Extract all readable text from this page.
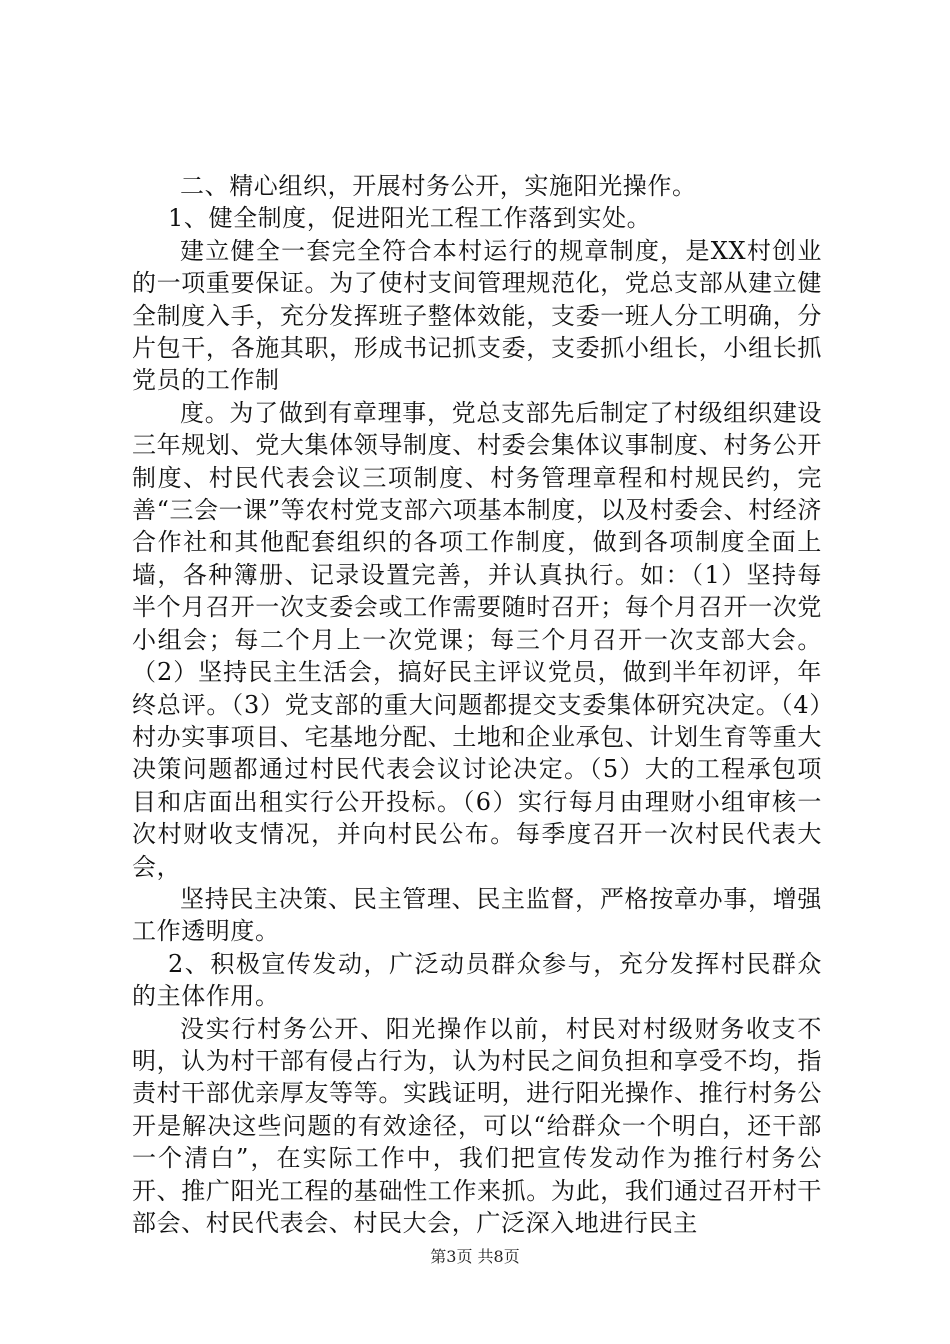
二、精心组织，开展村务公开，实施阳光操作。

1、健全制度，促进阳光工程工作落到实处。

建立健全一套完全符合本村运行的规章制度，是XX村创业的一项重要保证。为了使村支间管理规范化，党总支部从建立健全制度入手，充分发挥班子整体效能，支委一班人分工明确，分片包干，各施其职，形成书记抓支委，支委抓小组长，小组长抓党员的工作制

度。为了做到有章理事，党总支部先后制定了村级组织建设三年规划、党大集体领导制度、村委会集体议事制度、村务公开制度、村民代表会议三项制度、村务管理章程和村规民约，完善“三会一课”等农村党支部六项基本制度，以及村委会、村经济合作社和其他配套组织的各项工作制度，做到各项制度全面上墙，各种簿册、记录设置完善，并认真执行。如：（1）坚持每半个月召开一次支委会或工作需要随时召开；每个月召开一次党小组会；每二个月上一次党课；每三个月召开一次支部大会。（2）坚持民主生活会，搞好民主评议党员，做到半年初评，年终总评。（3）党支部的重大问题都提交支委集体研究决定。（4）村办实事项目、宅基地分配、土地和企业承包、计划生育等重大决策问题都通过村民代表会议讨论决定。（5）大的工程承包项目和店面出租实行公开投标。（6）实行每月由理财小组审核一次村财收支情况，并向村民公布。每季度召开一次村民代表大会，

坚持民主决策、民主管理、民主监督，严格按章办事，增强工作透明度。

2、积极宣传发动，广泛动员群众参与，充分发挥村民群众的主体作用。

没实行村务公开、阳光操作以前，村民对村级财务收支不明，认为村干部有侵占行为，认为村民之间负担和享受不均，指责村干部优亲厚友等等。实践证明，进行阳光操作、推行村务公开是解决这些问题的有效途径，可以“给群众一个明白，还干部一个清白”，在实际工作中，我们把宣传发动作为推行村务公开、推广阳光工程的基础性工作来抓。为此，我们通过召开村干部会、村民代表会、村民大会，广泛深入地进行民主

第3页 共8页
